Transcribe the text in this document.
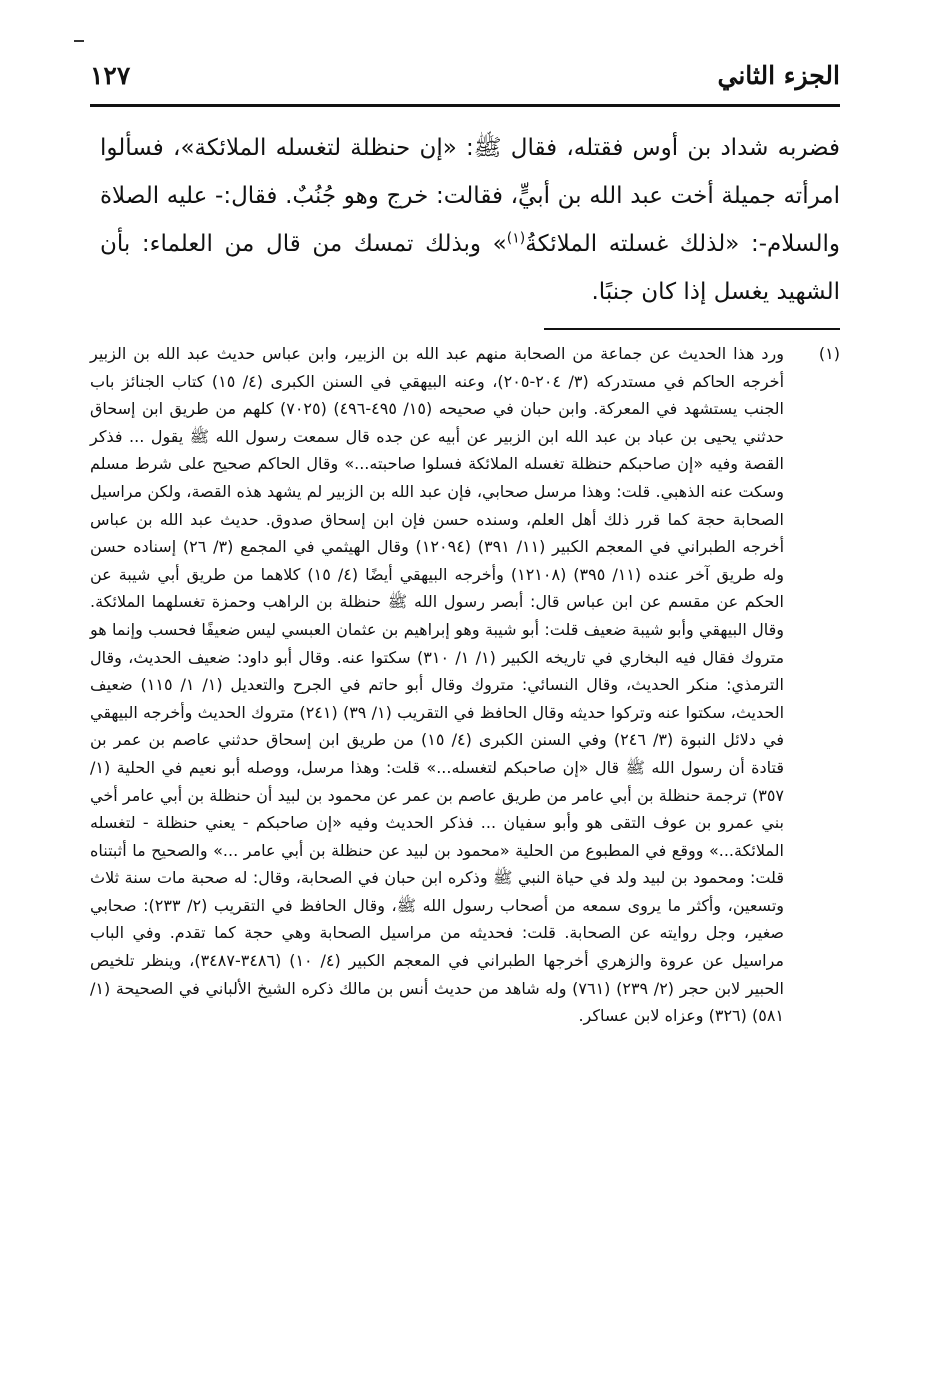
الجزء الثاني
١٢٧
فضربه شداد بن أوس فقتله، فقال ﷺ: «إن حنظلة لتغسله الملائكة»، فسألوا امرأته جميلة أخت عبد الله بن أبيٍّ، فقالت: خرج وهو جُنُبٌ. فقال:- عليه الصلاة والسلام-: «لذلك غسلته الملائكةُ$^{(١)}$» وبذلك تمسك من قال من العلماء: بأن الشهيد يغسل إذا كان جنبًا.
(١)
ورد هذا الحديث عن جماعة من الصحابة منهم عبد الله بن الزبير، وابن عباس حديث عبد الله بن الزبير أخرجه الحاكم في مستدركه (٣/ ٢٠٤-٢٠٥)، وعنه البيهقي في السنن الكبرى (٤/ ١٥) كتاب الجنائز باب الجنب يستشهد في المعركة. وابن حبان في صحيحه (١٥/ ٤٩٥-٤٩٦) (٧٠٢٥) كلهم من طريق ابن إسحاق حدثني يحيى بن عباد بن عبد الله ابن الزبير عن أبيه عن جده قال سمعت رسول الله ﷺ يقول ... فذكر القصة وفيه «إن صاحبكم حنظلة تغسله الملائكة فسلوا صاحبته...» وقال الحاكم صحيح على شرط مسلم وسكت عنه الذهبي. قلت: وهذا مرسل صحابي، فإن عبد الله بن الزبير لم يشهد هذه القصة، ولكن مراسيل الصحابة حجة كما قرر ذلك أهل العلم، وسنده حسن فإن ابن إسحاق صدوق. حديث عبد الله بن عباس أخرجه الطبراني في المعجم الكبير (١١/ ٣٩١) (١٢٠٩٤) وقال الهيثمي في المجمع (٣/ ٢٦) إسناده حسن وله طريق آخر عنده (١١/ ٣٩٥) (١٢١٠٨) وأخرجه البيهقي أيضًا (٤/ ١٥) كلاهما من طريق أبي شيبة عن الحكم عن مقسم عن ابن عباس قال: أبصر رسول الله ﷺ حنظلة بن الراهب وحمزة تغسلهما الملائكة. وقال البيهقي وأبو شيبة ضعيف قلت: أبو شيبة وهو إبراهيم بن عثمان العبسي ليس ضعيفًا فحسب وإنما هو متروك فقال فيه البخاري في تاريخه الكبير (١/ ١/ ٣١٠) سكتوا عنه. وقال أبو داود: ضعيف الحديث، وقال الترمذي: منكر الحديث، وقال النسائي: متروك وقال أبو حاتم في الجرح والتعديل (١/ ١/ ١١٥) ضعيف الحديث، سكتوا عنه وتركوا حديثه وقال الحافظ في التقريب (١/ ٣٩) (٢٤١) متروك الحديث وأخرجه البيهقي في دلائل النبوة (٣/ ٢٤٦) وفي السنن الكبرى (٤/ ١٥) من طريق ابن إسحاق حدثني عاصم بن عمر بن قتادة أن رسول الله ﷺ قال «إن صاحبكم لتغسله...» قلت: وهذا مرسل، ووصله أبو نعيم في الحلية (١/ ٣٥٧) ترجمة حنظلة بن أبي عامر من طريق عاصم بن عمر عن محمود بن لبيد أن حنظلة بن أبي عامر أخي بني عمرو بن عوف التقى هو وأبو سفيان ... فذكر الحديث وفيه «إن صاحبكم - يعني حنظلة - لتغسله الملائكة...» ووقع في المطبوع من الحلية «محمود بن لبيد عن حنظلة بن أبي عامر ...» والصحيح ما أثبتناه قلت: ومحمود بن لبيد ولد في حياة النبي ﷺ وذكره ابن حبان في الصحابة، وقال: له صحبة مات سنة ثلاث وتسعين، وأكثر ما يروى سمعه من أصحاب رسول الله ﷺ، وقال الحافظ في التقريب (٢/ ٢٣٣): صحابي صغير، وجل روايته عن الصحابة. قلت: فحديثه من مراسيل الصحابة وهي حجة كما تقدم. وفي الباب مراسيل عن عروة والزهري أخرجها الطبراني في المعجم الكبير (٤/ ١٠) (٣٤٨٦-٣٤٨٧)، وينظر تلخيص الحبير لابن حجر (٢/ ٢٣٩) (٧٦١) وله شاهد من حديث أنس بن مالك ذكره الشيخ الألباني في الصحيحة (١/ ٥٨١) (٣٢٦) وعزاه لابن عساكر.
